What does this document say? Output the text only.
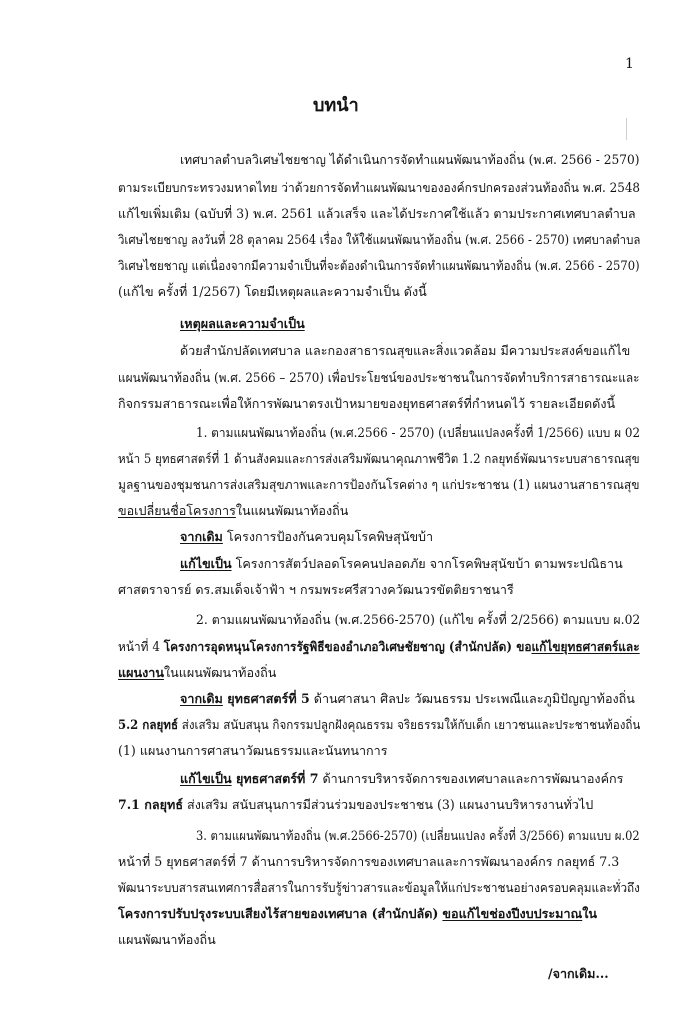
1
บทนำ
เทศบาลตำบลวิเศษไชยชาญ ได้ดำเนินการจัดทำแผนพัฒนาท้องถิ่น (พ.ศ. 2566 - 2570)
ตามระเบียบกระทรวงมหาดไทย ว่าด้วยการจัดทำแผนพัฒนาขององค์กรปกครองส่วนท้องถิ่น พ.ศ. 2548
แก้ไขเพิ่มเติม (ฉบับที่ 3) พ.ศ. 2561 แล้วเสร็จ และได้ประกาศใช้แล้ว ตามประกาศเทศบาลตำบล
วิเศษไชยชาญ ลงวันที่ 28 ตุลาคม 2564 เรื่อง ให้ใช้แผนพัฒนาท้องถิ่น (พ.ศ. 2566 - 2570) เทศบาลตำบล
วิเศษไชยชาญ แต่เนื่องจากมีความจำเป็นที่จะต้องดำเนินการจัดทำแผนพัฒนาท้องถิ่น (พ.ศ. 2566 - 2570)
(แก้ไข ครั้งที่ 1/2567) โดยมีเหตุผลและความจำเป็น ดังนี้
เหตุผลและความจำเป็น
ด้วยสำนักปลัดเทศบาล และกองสาธารณสุขและสิ่งแวดล้อม มีความประสงค์ขอแก้ไข
แผนพัฒนาท้องถิ่น (พ.ศ. 2566 – 2570) เพื่อประโยชน์ของประชาชนในการจัดทำบริการสาธารณะและ
กิจกรรมสาธารณะเพื่อให้การพัฒนาตรงเป้าหมายของยุทธศาสตร์ที่กำหนดไว้ รายละเอียดดังนี้
1. ตามแผนพัฒนาท้องถิ่น (พ.ศ.2566 - 2570) (เปลี่ยนแปลงครั้งที่ 1/2566) แบบ ผ 02
หน้า 5 ยุทธศาสตร์ที่ 1 ด้านสังคมและการส่งเสริมพัฒนาคุณภาพชีวิต 1.2 กลยุทธ์พัฒนาระบบสาธารณสุข
มูลฐานของชุมชนการส่งเสริมสุขภาพและการป้องกันโรคต่าง ๆ แก่ประชาชน (1) แผนงานสาธารณสุข
ขอเปลี่ยนชื่อโครงการในแผนพัฒนาท้องถิ่น
จากเดิม โครงการป้องกันควบคุมโรคพิษสุนัขบ้า
แก้ไขเป็น โครงการสัตว์ปลอดโรคคนปลอดภัย จากโรคพิษสุนัขบ้า ตามพระปณิธาน
ศาสตราจารย์ ดร.สมเด็จเจ้าฟ้า ฯ กรมพระศรีสวางควัฒนวรขัตติยราชนารี
2. ตามแผนพัฒนาท้องถิ่น (พ.ศ.2566-2570) (แก้ไข ครั้งที่ 2/2566) ตามแบบ ผ.02
หน้าที่ 4 โครงการอุดหนุนโครงการรัฐพิธีของอำเภอวิเศษชัยชาญ (สำนักปลัด) ขอแก้ไขยุทธศาสตร์และ
แผนงานในแผนพัฒนาท้องถิ่น
จากเดิม ยุทธศาสตร์ที่ 5 ด้านศาสนา ศิลปะ วัฒนธรรม ประเพณีและภูมิปัญญาท้องถิ่น
5.2 กลยุทธ์ ส่งเสริม สนับสนุน กิจกรรมปลูกฝังคุณธรรม จริยธรรมให้กับเด็ก เยาวชนและประชาชนท้องถิ่น
(1) แผนงานการศาสนาวัฒนธรรมและนันทนาการ
แก้ไขเป็น ยุทธศาสตร์ที่ 7 ด้านการบริหารจัดการของเทศบาลและการพัฒนาองค์กร
7.1 กลยุทธ์ ส่งเสริม สนับสนุนการมีส่วนร่วมของประชาชน (3) แผนงานบริหารงานทั่วไป
3. ตามแผนพัฒนาท้องถิ่น (พ.ศ.2566-2570) (เปลี่ยนแปลง ครั้งที่ 3/2566) ตามแบบ ผ.02
หน้าที่ 5 ยุทธศาสตร์ที่ 7 ด้านการบริหารจัดการของเทศบาลและการพัฒนาองค์กร กลยุทธ์ 7.3
พัฒนาระบบสารสนเทศการสื่อสารในการรับรู้ข่าวสารและข้อมูลให้แก่ประชาชนอย่างครอบคลุมและทั่วถึง
โครงการปรับปรุงระบบเสียงไร้สายของเทศบาล (สำนักปลัด) ขอแก้ไขช่องปีงบประมาณใน
แผนพัฒนาท้องถิ่น
/จากเดิม...
